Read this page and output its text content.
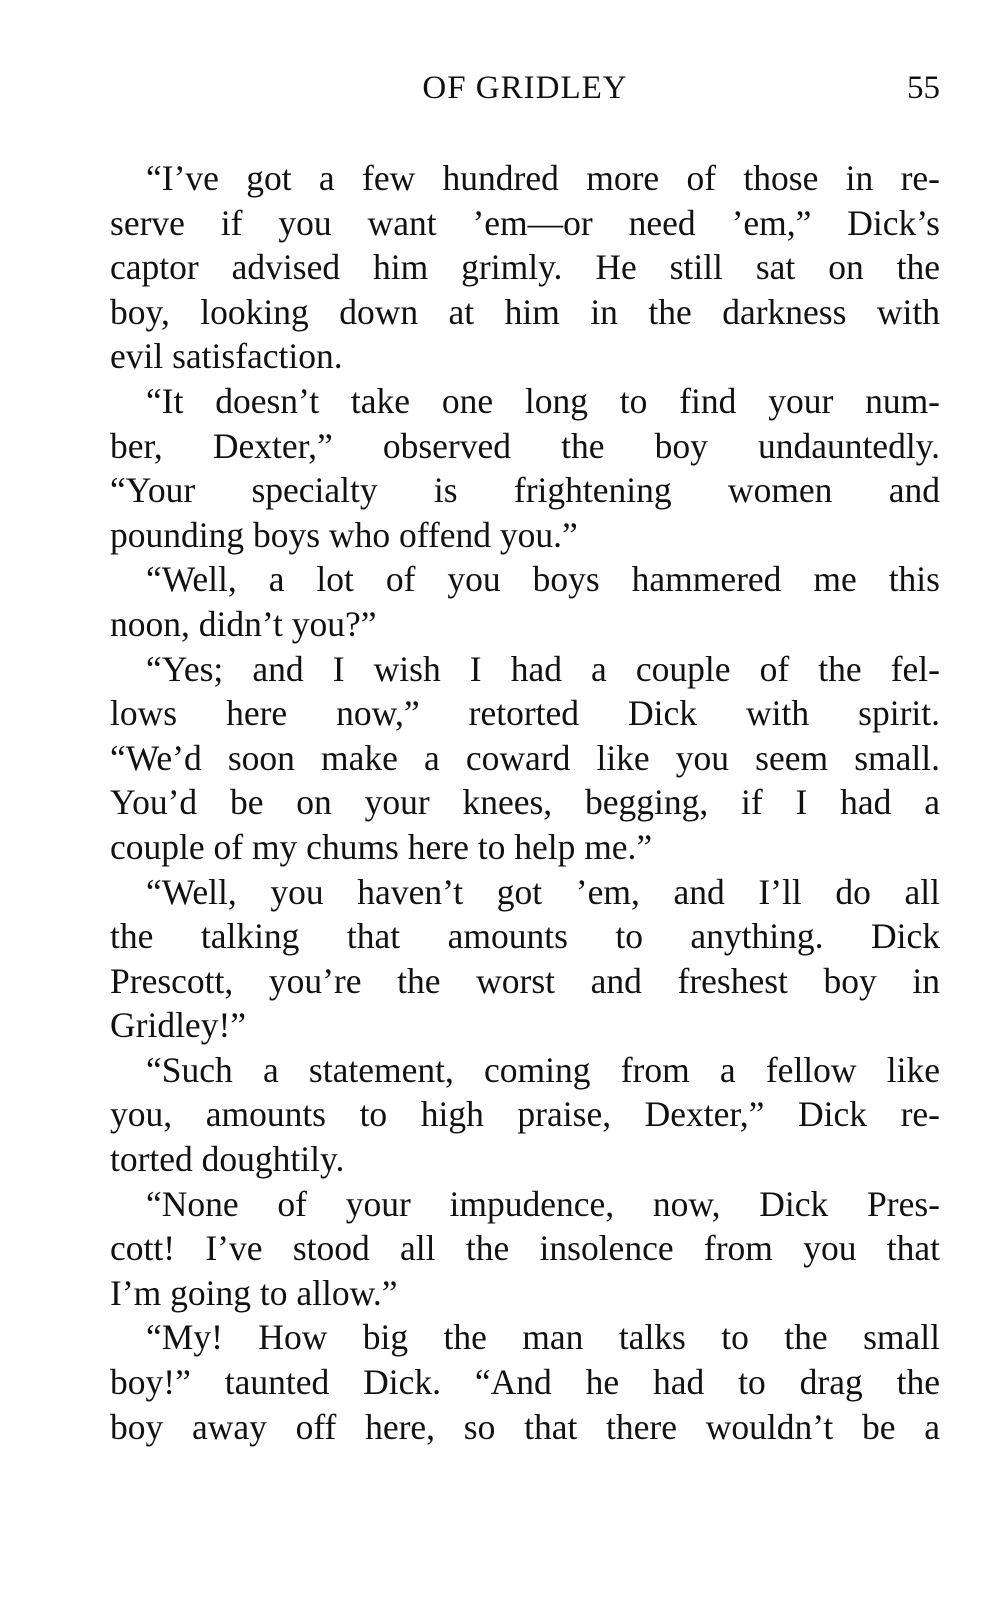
OF GRIDLEY	55

“I’ve got a few hundred more of those in re-
serve if you want ’em—or need ’em,” Dick’s
captor advised him grimly. He still sat on the
boy, looking down at him in the darkness with
evil satisfaction.

“It doesn’t take one long to find your num-
ber, Dexter,” observed the boy undauntedly.
“Your specialty is frightening women and
pounding boys who offend you.”

“Well, a lot of you boys hammered me this
noon, didn’t you?”

“Yes; and I wish I had a couple of the fel-
lows here now,” retorted Dick with spirit.
“We’d soon make a coward like you seem small.
You’d be on your knees, begging, if I had a
couple of my chums here to help me.”

“Well, you haven’t got ’em, and I’ll do all
the talking that amounts to anything. Dick
Prescott, you’re the worst and freshest boy in
Gridley!”

“Such a statement, coming from a fellow like
you, amounts to high praise, Dexter,” Dick re-
torted doughtily.

“None of your impudence, now, Dick Pres-
cott! I’ve stood all the insolence from you that
I’m going to allow.”

“My! How big the man talks to the small
boy!” taunted Dick. “And he had to drag the
boy away off here, so that there wouldn’t be a
